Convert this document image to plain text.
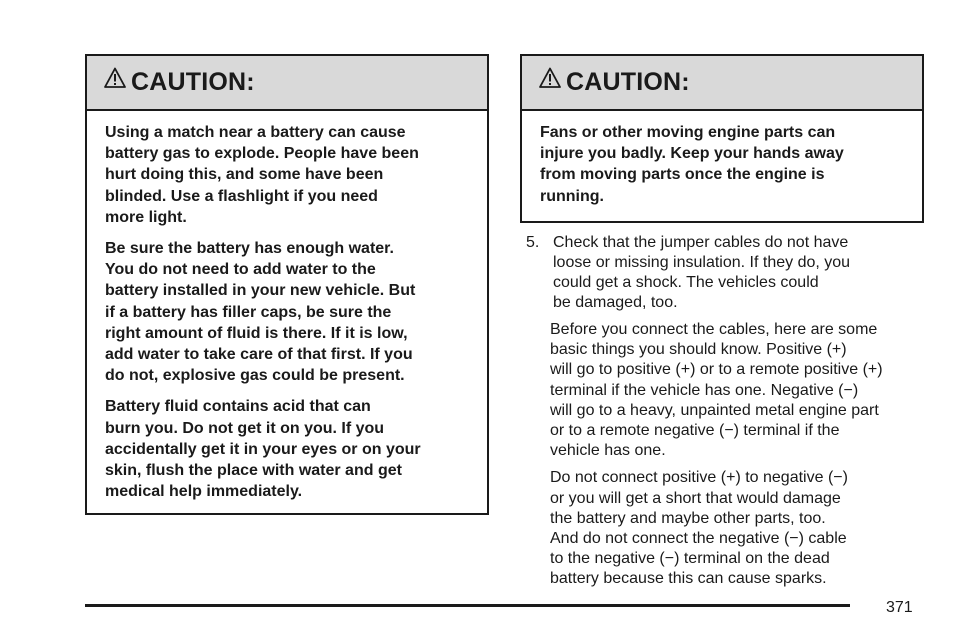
CAUTION:

Using a match near a battery can cause
battery gas to explode. People have been
hurt doing this, and some have been
blinded. Use a flashlight if you need
more light.

Be sure the battery has enough water.
You do not need to add water to the
battery installed in your new vehicle. But
if a battery has filler caps, be sure the
right amount of fluid is there. If it is low,
add water to take care of that first. If you
do not, explosive gas could be present.

Battery fluid contains acid that can
burn you. Do not get it on you. If you
accidentally get it in your eyes or on your
skin, flush the place with water and get
medical help immediately.

CAUTION:

Fans or other moving engine parts can
injure you badly. Keep your hands away
from moving parts once the engine is
running.

5. Check that the jumper cables do not have
loose or missing insulation. If they do, you
could get a shock. The vehicles could
be damaged, too.

Before you connect the cables, here are some
basic things you should know. Positive (+)
will go to positive (+) or to a remote positive (+)
terminal if the vehicle has one. Negative (−)
will go to a heavy, unpainted metal engine part
or to a remote negative (−) terminal if the
vehicle has one.

Do not connect positive (+) to negative (−)
or you will get a short that would damage
the battery and maybe other parts, too.
And do not connect the negative (−) cable
to the negative (−) terminal on the dead
battery because this can cause sparks.

371
